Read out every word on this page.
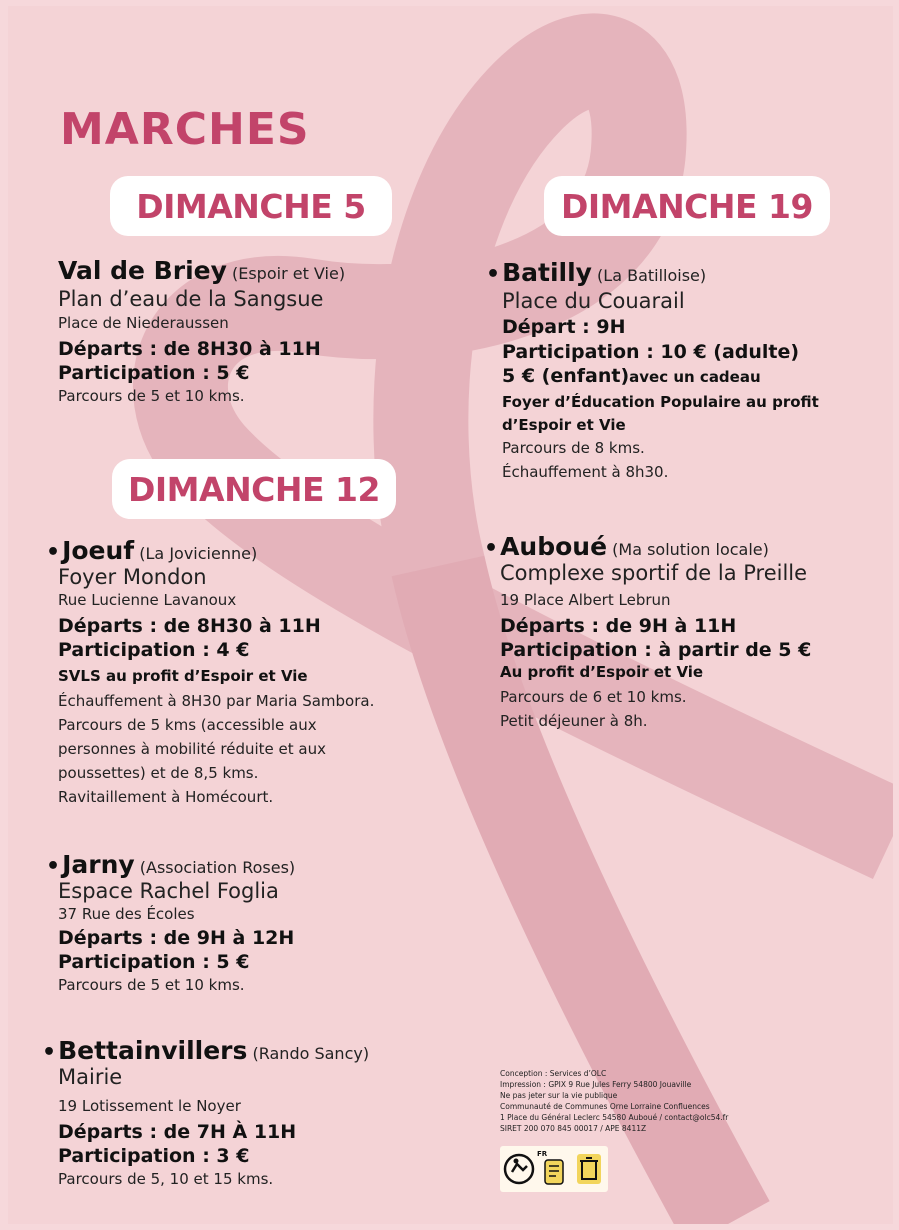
MARCHES
DIMANCHE 5
Val de Briey (Espoir et Vie)
Plan d’eau de la Sangsue
Place de Niederaussen
Départs : de 8H30 à 11H
Participation : 5 €
Parcours de 5 et 10 kms.
DIMANCHE 12
•Joeuf (La Jovicienne)
Foyer Mondon
Rue Lucienne Lavanoux
Départs : de 8H30 à 11H
Participation : 4 €
SVLS au profit d’Espoir et Vie
Échauffement à 8H30 par Maria Sambora.
Parcours de 5 kms (accessible aux
personnes à mobilité réduite et aux
poussettes) et de 8,5 kms.
Ravitaillement à Homécourt.
•Jarny (Association Roses)
Espace Rachel Foglia
37 Rue des Écoles
Départs : de 9H à 12H
Participation : 5 €
Parcours de 5 et 10 kms.
•Bettainvillers (Rando Sancy)
Mairie
19 Lotissement le Noyer
Départs : de 7H À 11H
Participation : 3 €
Parcours de 5, 10 et 15 kms.
DIMANCHE 19
•Batilly (La Batilloise)
Place du Couarail
Départ : 9H
Participation : 10 € (adulte)
5 € (enfant)avec un cadeau
Foyer d’Éducation Populaire au profit
d’Espoir et Vie
Parcours de 8 kms.
Échauffement à 8h30.
•Auboué (Ma solution locale)
Complexe sportif de la Preille
19 Place Albert Lebrun
Départs : de 9H à 11H
Participation : à partir de 5 €
Au profit d’Espoir et Vie
Parcours de 6 et 10 kms.
Petit déjeuner à 8h.
Conception : Services d’OLC
Impression : GPIX 9 Rue Jules Ferry 54800 Jouaville
Ne pas jeter sur la vie publique
Communauté de Communes Orne Lorraine Confluences
1 Place du Général Leclerc 54580 Auboué / contact@olc54.fr
SIRET 200 070 845 00017 / APE 8411Z
FR
